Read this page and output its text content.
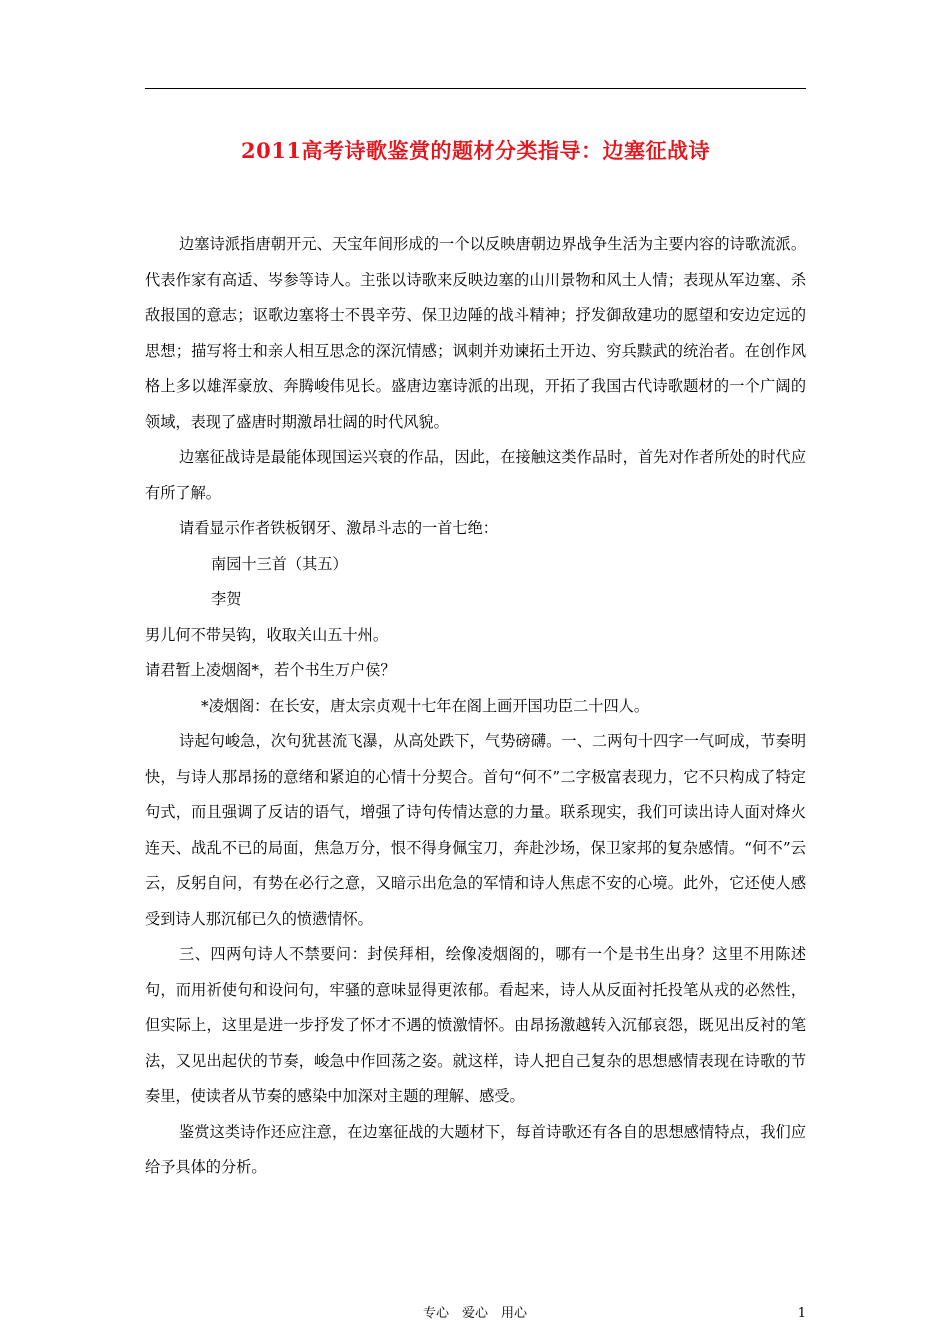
2011高考诗歌鉴赏的题材分类指导：边塞征战诗

边塞诗派指唐朝开元、天宝年间形成的一个以反映唐朝边界战争生活为主要内容的诗歌流派。代表作家有高适、岑参等诗人。主张以诗歌来反映边塞的山川景物和风土人情；表现从军边塞、杀敌报国的意志；讴歌边塞将士不畏辛劳、保卫边陲的战斗精神；抒发御敌建功的愿望和安边定远的思想；描写将士和亲人相互思念的深沉情感；讽刺并劝谏拓土开边、穷兵黩武的统治者。在创作风格上多以雄浑豪放、奔腾峻伟见长。盛唐边塞诗派的出现，开拓了我国古代诗歌题材的一个广阔的领域，表现了盛唐时期激昂壮阔的时代风貌。

边塞征战诗是最能体现国运兴衰的作品，因此，在接触这类作品时，首先对作者所处的时代应有所了解。

请看显示作者铁板钢牙、激昂斗志的一首七绝：

南园十三首（其五）

李贺

男儿何不带吴钩，收取关山五十州。

请君暂上凌烟阁*，若个书生万户侯？

*凌烟阁：在长安，唐太宗贞观十七年在阁上画开国功臣二十四人。

诗起句峻急，次句犹甚流飞瀑，从高处跌下，气势磅礴。一、二两句十四字一气呵成，节奏明快，与诗人那昂扬的意绪和紧迫的心情十分契合。首句“何不”二字极富表现力，它不只构成了特定句式，而且强调了反诘的语气，增强了诗句传情达意的力量。联系现实，我们可读出诗人面对烽火连天、战乱不已的局面，焦急万分，恨不得身佩宝刀，奔赴沙场，保卫家邦的复杂感情。“何不”云云，反躬自问，有势在必行之意，又暗示出危急的军情和诗人焦虑不安的心境。此外，它还使人感受到诗人那沉郁已久的愤懑情怀。

三、四两句诗人不禁要问：封侯拜相，绘像凌烟阁的，哪有一个是书生出身？这里不用陈述句，而用祈使句和设问句，牢骚的意味显得更浓郁。看起来，诗人从反面衬托投笔从戎的必然性，但实际上，这里是进一步抒发了怀才不遇的愤激情怀。由昂扬激越转入沉郁哀怨，既见出反衬的笔法，又见出起伏的节奏，峻急中作回荡之姿。就这样，诗人把自己复杂的思想感情表现在诗歌的节奏里，使读者从节奏的感染中加深对主题的理解、感受。

鉴赏这类诗作还应注意，在边塞征战的大题材下，每首诗歌还有各自的思想感情特点，我们应给予具体的分析。

专心　爱心　用心	1
